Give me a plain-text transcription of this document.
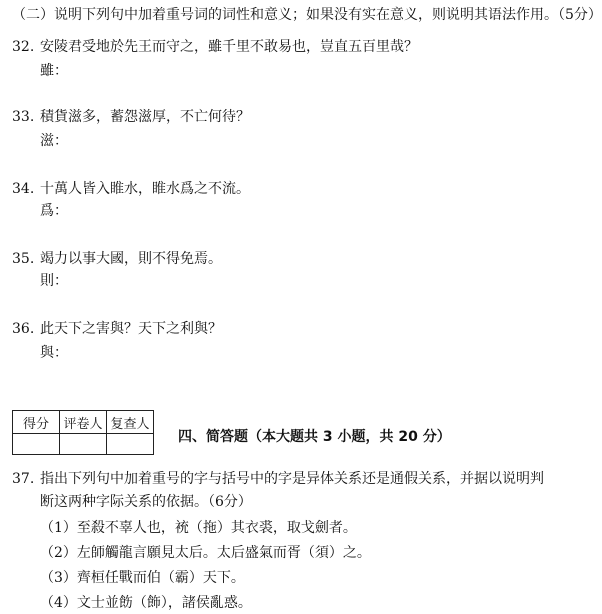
（二）说明下列句中加着重号词的词性和意义；如果没有实在意义，则说明其语法作用。（5分）
32. 安陵君受地於先王而守之，雖千里不敢易也，豈直五百里哉？
雖：
33. 積貨滋多，蓄怨滋厚，不亡何待？
滋：
34. 十萬人皆入睢水，睢水爲之不流。
爲：
35. 竭力以事大國，則不得免焉。
則：
36. 此天下之害與？天下之利與？
與：
得分	评卷人	复查人

四、简答题（本大题共 3 小题，共 20 分）
37. 指出下列句中加着重号的字与括号中的字是异体关系还是通假关系，并据以说明判
断这两种字际关系的依据。（6分）
（1）至殺不辜人也，䘪（拖）其衣裘，取戈劍者。
（2）左師觸龍言願見太后。太后盛氣而胥（須）之。
（3）齊桓任戰而伯（霸）天下。
（4）文士並飭（飾），諸侯亂惑。
